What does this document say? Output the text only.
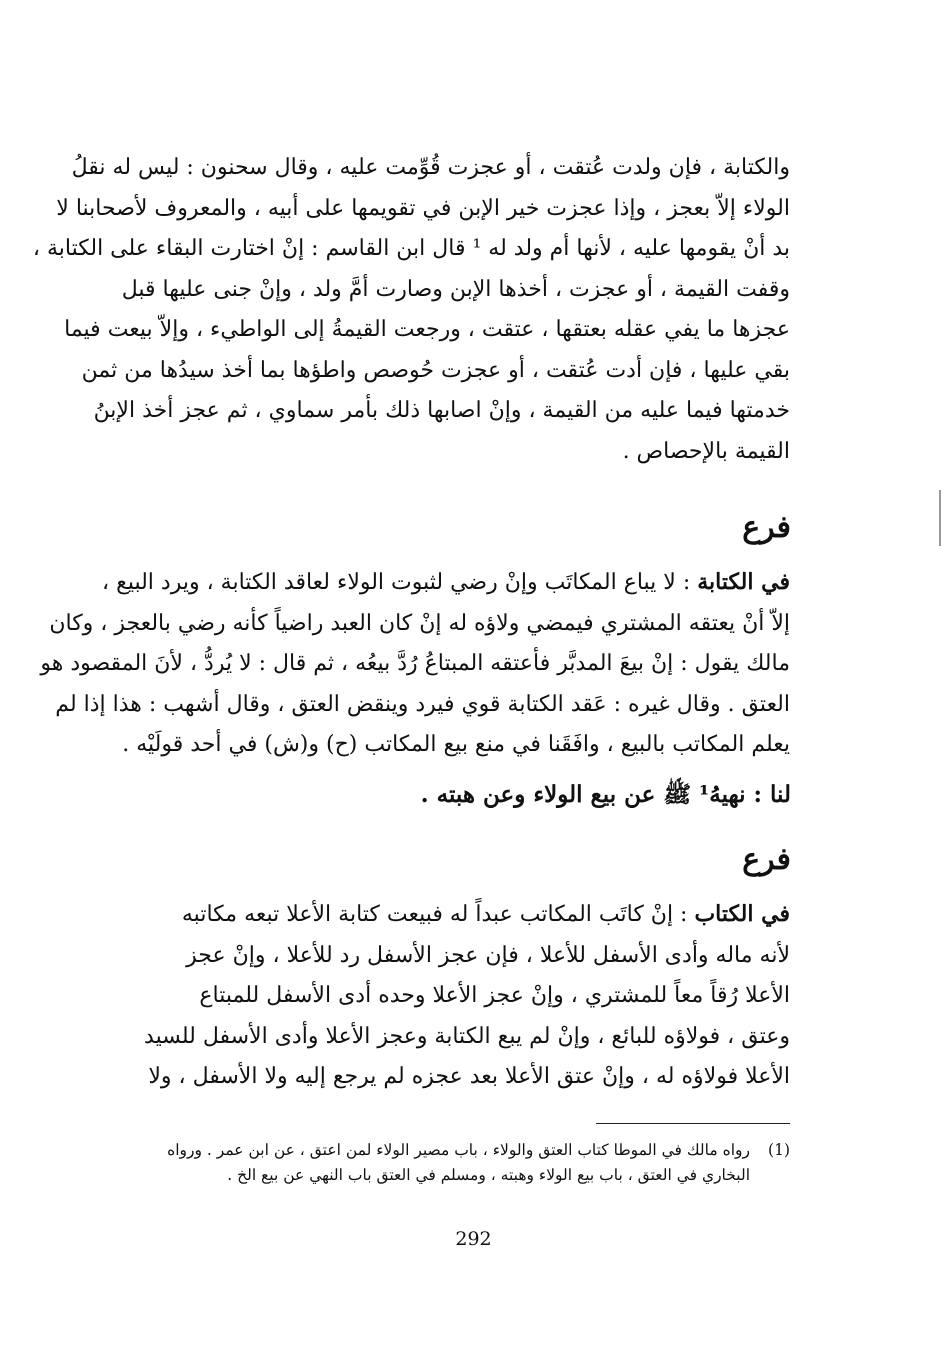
والكتابة ، فإن ولدت عُتقت ، أو عجزت قُوِّمت عليه ، وقال سحنون : ليس له نقلُ
الولاء إلاّ بعجز ، وإذا عجزت خير الإبن في تقويمها على أبيه ، والمعروف لأصحابنا لا
بد أنْ يقومها عليه ، لأنها أم ولد له ¹ قال ابن القاسم : إنْ اختارت البقاء على الكتابة ،
وقفت القيمة ، أو عجزت ، أخذها الإبن وصارت أمَّ ولد ، وإنْ جنى عليها قبل
عجزها ما يفي عقله بعتقها ، عتقت ، ورجعت القيمةُ إلى الواطيء ، وإلاّ بيعت فيما
بقي عليها ، فإن أدت عُتقت ، أو عجزت حُوصص واطؤها بما أخذ سيدُها من ثمن
خدمتها فيما عليه من القيمة ، وإنْ اصابها ذلك بأمر سماوي ، ثم عجز أخذ الإبنُ
القيمة بالإحصاص .
فرع
في الكتابة : لا يباع المكاتَب وإنْ رضي لثبوت الولاء لعاقد الكتابة ، ويرد البيع ،
إلاّ أنْ يعتقه المشتري فيمضي ولاؤه له إنْ كان العبد راضياً كأنه رضي بالعجز ، وكان
مالك يقول : إنْ بيعَ المدبَّر فأعتقه المبتاعُ رُدَّ بيعُه ، ثم قال : لا يُردُّ ، لأنَ المقصود هو
العتق . وقال غيره : عَقد الكتابة قوي فيرد وينقض العتق ، وقال أشهب : هذا إذا لم
يعلم المكاتب بالبيع ، وافَقَنا في منع بيع المكاتب (ح) و(ش) في أحد قولَيْه .
لنا : نهيهُ¹ ﷺ عن بيع الولاء وعن هبته .
فرع
في الكتاب : إنْ كاتَب المكاتب عبداً له فبيعت كتابة الأعلا تبعه مكاتبه
لأنه ماله وأدى الأسفل للأعلا ، فإن عجز الأسفل رد للأعلا ، وإنْ عجز
الأعلا رُقاً معاً للمشتري ، وإنْ عجز الأعلا وحده أدى الأسفل للمبتاع
وعتق ، فولاؤه للبائع ، وإنْ لم يبع الكتابة وعجز الأعلا وأدى الأسفل للسيد
الأعلا فولاؤه له ، وإنْ عتق الأعلا بعد عجزه لم يرجع إليه ولا الأسفل ، ولا
(1)رواه مالك في الموطا كتاب العتق والولاء ، باب مصير الولاء لمن اعتق ، عن ابن عمر . ورواه
البخاري في العتق ، باب بيع الولاء وهبته ، ومسلم في العتق باب النهي عن بيع الخ .
292
